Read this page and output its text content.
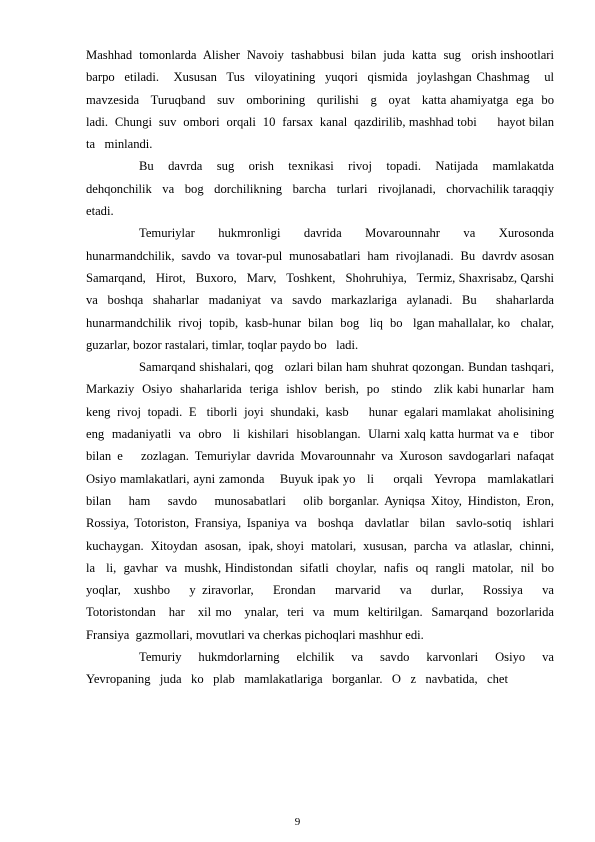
Mashhad  tomonlarda  Alisher  Navoiy  tashabbusi  bilan  juda  katta  sug   orish inshootlari  barpo  etiladi.   Xususan  Tus  viloyatining  yuqori  qismida  joylashgan Chashmag   ul   mavzesida   Turuqband   suv   omborining   qurilishi   g   oyat   katta ahamiyatga  ega  bo   ladi.  Chungi  suv  ombori  orqali  10  farsax  kanal  qazdirilib, mashhad tobi      hayot bilan ta   minlandi.

Bu   davrda   sug   orish   texnikasi   rivoj   topadi.   Natijada   mamlakatda dehqonchilik   va   bog   dorchilikning   barcha   turlari   rivojlanadi,   chorvachilik taraqqiy etadi.

Temuriylar    hukmronligi    davrida    Movarounnahr    va    Xurosonda hunarmandchilik,  savdo  va  tovar-pul  munosabatlari  ham  rivojlanadi.  Bu  davrdv asosan   Samarqand,   Hirot,   Buxoro,   Marv,   Toshkent,   Shohruhiya,   Termiz, Shaxrisabz, Qarshi va boshqa shaharlar madaniyat va savdo markazlariga aylanadi. Bu  shaharlarda  hunarmandchilik  rivoj  topib,  kasb-hunar  bilan  bog   liq  bo   lgan mahallalar, ko   chalar, guzarlar, bozor rastalari, timlar, toqlar paydo bo   ladi.

Samarqand shishalari, qog   ozlari bilan ham shuhrat qozongan. Bundan tashqari,  Markaziy  Osiyo  shaharlarida  teriga  ishlov  berish,  po   stindo   zlik kabi hunarlar  ham  keng  rivoj  topadi.  E   tiborli  joyi  shundaki,  kasb      hunar  egalari mamlakat  aholisining  eng  madaniyatli  va  obro   li  kishilari  hisoblangan.  Ularni xalq katta hurmat va e   tibor bilan e   zozlagan. Temuriylar davrida Movarounnahr va Xuroson savdogarlari nafaqat Osiyo mamlakatlari, ayni zamonda    Buyuk ipak yo   li     orqali   Yevropa   mamlakatlari   bilan   ham   savdo   munosabatlari   olib borganlar. Ayniqsa Xitoy, Hindiston, Eron, Rossiya, Totoriston, Fransiya, Ispaniya va  boshqa  davlatlar  bilan  savlo-sotiq  ishlari  kuchaygan.  Xitoydan  asosan,  ipak, shoyi  matolari,  xususan,  parcha  va  atlaslar,  chinni,  la   li,  gavhar  va  mushk, Hindistondan  sifatli  choylar,  nafis  oq  rangli  matolar,  nil  bo   yoqlar,  xushbo   y ziravorlar,   Erondan   marvarid   va   durlar,   Rossiya   va   Totoristondan   har   xil mo   ynalar,  teri  va  mum  keltirilgan.  Samarqand  bozorlarida  Fransiya  gazmollari, movutlari va cherkas pichoqlari mashhur edi.

Temuriy    hukmdorlarning    elchilik    va    savdo    karvonlari    Osiyo    va Yevropaning   juda   ko   plab   mamlakatlariga   borganlar.   O   z   navbatida,   chet

9
